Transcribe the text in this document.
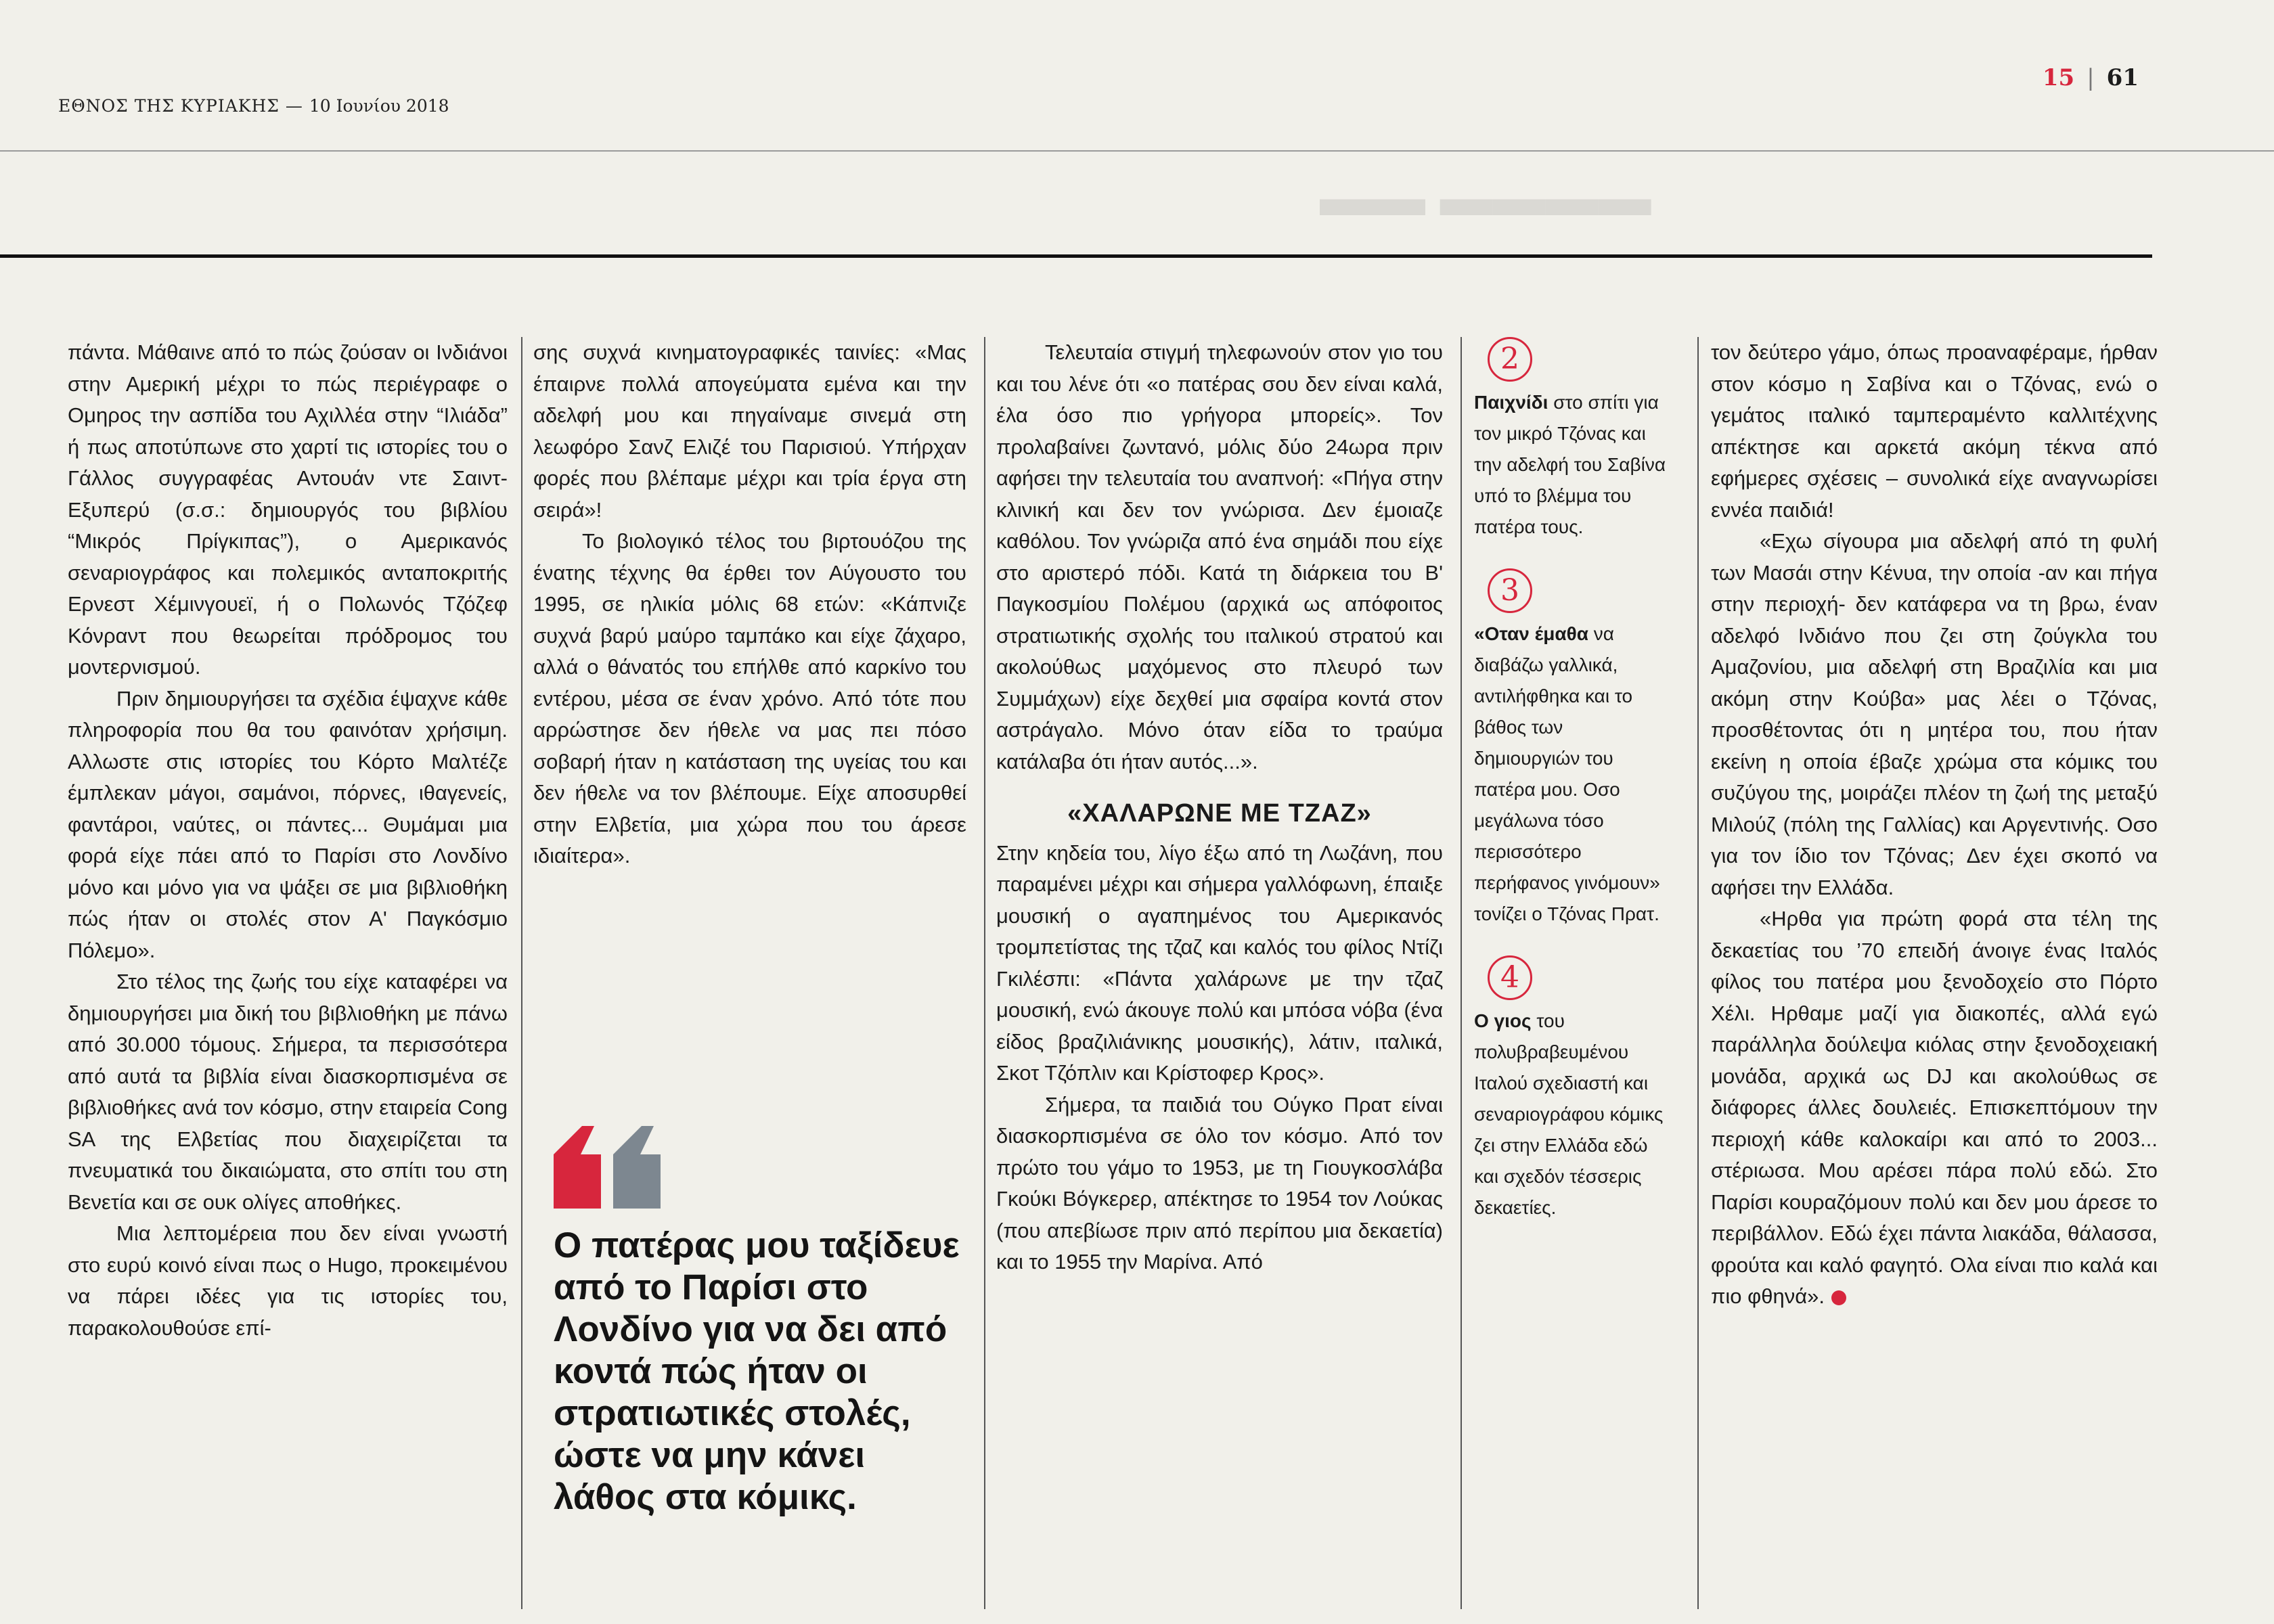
ΕΘΝΟΣ ΤΗΣ ΚΥΡΙΑΚΗΣ — 10 Ιουνίου 2018
15 | 61
▬▬ ▬▬▬▬

πάντα. Μάθαινε από το πώς ζούσαν οι Ινδιάνοι στην Αμερική μέχρι το πώς περιέγραφε ο Ομηρος την ασπίδα του Αχιλλέα στην “Ιλιάδα” ή πως αποτύπωνε στο χαρτί τις ιστορίες του ο Γάλλος συγγραφέας Αντουάν ντε Σαιντ-Εξυπερύ (σ.σ.: δημιουργός του βιβλίου “Μικρός Πρίγκιπας”), ο Αμερικανός σεναριογράφος και πολεμικός ανταποκριτής Ερνεστ Χέμινγουεϊ, ή ο Πολωνός Τζόζεφ Κόνραντ που θεωρείται πρόδρομος του μοντερνισμού.

Πριν δημιουργήσει τα σχέδια έψαχνε κάθε πληροφορία που θα του φαινόταν χρήσιμη. Αλλωστε στις ιστορίες του Κόρτο Μαλτέζε έμπλεκαν μάγοι, σαμάνοι, πόρνες, ιθαγενείς, φαντάροι, ναύτες, οι πάντες... Θυμάμαι μια φορά είχε πάει από το Παρίσι στο Λονδίνο μόνο και μόνο για να ψάξει σε μια βιβλιοθήκη πώς ήταν οι στολές στον Α' Παγκόσμιο Πόλεμο».

Στο τέλος της ζωής του είχε καταφέρει να δημιουργήσει μια δική του βιβλιοθήκη με πάνω από 30.000 τόμους. Σήμερα, τα περισσότερα από αυτά τα βιβλία είναι διασκορπισμένα σε βιβλιοθήκες ανά τον κόσμο, στην εταιρεία Cong SA της Ελβετίας που διαχειρίζεται τα πνευματικά του δικαιώματα, στο σπίτι του στη Βενετία και σε ουκ ολίγες αποθήκες.

Μια λεπτομέρεια που δεν είναι γνωστή στο ευρύ κοινό είναι πως ο Hugo, προκειμένου να πάρει ιδέες για τις ιστορίες του, παρακολουθούσε επί-

σης συχνά κινηματογραφικές ταινίες: «Μας έπαιρνε πολλά απογεύματα εμένα και την αδελφή μου και πηγαίναμε σινεμά στη λεωφόρο Σανζ Ελιζέ του Παρισιού. Υπήρχαν φορές που βλέπαμε μέχρι και τρία έργα στη σειρά»!

Το βιολογικό τέλος του βιρτουόζου της ένατης τέχνης θα έρθει τον Αύγουστο του 1995, σε ηλικία μόλις 68 ετών: «Κάπνιζε συχνά βαρύ μαύρο ταμπάκο και είχε ζάχαρο, αλλά ο θάνατός του επήλθε από καρκίνο του εντέρου, μέσα σε έναν χρόνο. Από τότε που αρρώστησε δεν ήθελε να μας πει πόσο σοβαρή ήταν η κατάσταση της υγείας του και δεν ήθελε να τον βλέπουμε. Είχε αποσυρθεί στην Ελβετία, μια χώρα που του άρεσε ιδιαίτερα».

Ο πατέρας μου ταξίδευε από το Παρίσι στο Λονδίνο για να δει από κοντά πώς ήταν οι στρατιωτικές στολές, ώστε να μην κάνει λάθος στα κόμικς.

Τελευταία στιγμή τηλεφωνούν στον γιο του και του λένε ότι «ο πατέρας σου δεν είναι καλά, έλα όσο πιο γρήγορα μπορείς». Τον προλαβαίνει ζωντανό, μόλις δύο 24ωρα πριν αφήσει την τελευταία του αναπνοή: «Πήγα στην κλινική και δεν τον γνώρισα. Δεν έμοιαζε καθόλου. Τον γνώριζα από ένα σημάδι που είχε στο αριστερό πόδι. Κατά τη διάρκεια του Β' Παγκοσμίου Πολέμου (αρχικά ως απόφοιτος στρατιωτικής σχολής του ιταλικού στρατού και ακολούθως μαχόμενος στο πλευρό των Συμμάχων) είχε δεχθεί μια σφαίρα κοντά στον αστράγαλο. Μόνο όταν είδα το τραύμα κατάλαβα ότι ήταν αυτός...».

«ΧΑΛΑΡΩΝΕ ΜΕ ΤΖΑΖ»

Στην κηδεία του, λίγο έξω από τη Λωζάνη, που παραμένει μέχρι και σήμερα γαλλόφωνη, έπαιξε μουσική ο αγαπημένος του Αμερικανός τρομπετίστας της τζαζ και καλός του φίλος Ντίζι Γκιλέσπι: «Πάντα χαλάρωνε με την τζαζ μουσική, ενώ άκουγε πολύ και μπόσα νόβα (ένα είδος βραζιλιάνικης μουσικής), λάτιν, ιταλικά, Σκοτ Τζόπλιν και Κρίστοφερ Κρος».

Σήμερα, τα παιδιά του Ούγκο Πρατ είναι διασκορπισμένα σε όλο τον κόσμο. Από τον πρώτο του γάμο το 1953, με τη Γιουγκοσλάβα Γκούκι Βόγκερερ, απέκτησε το 1954 τον Λούκας (που απεβίωσε πριν από περίπου μια δεκαετία) και το 1955 την Μαρίνα. Από

2
Παιχνίδι στο σπίτι για τον μικρό Τζόνας και την αδελφή του Σαβίνα υπό το βλέμμα του πατέρα τους.
3
«Οταν έμαθα να διαβάζω γαλλικά, αντιλήφθηκα και το βάθος των δημιουργιών του πατέρα μου. Οσο μεγάλωνα τόσο περισσότερο περήφανος γινόμουν» τονίζει ο Τζόνας Πρατ.
4
Ο γιος του πολυβραβευμένου Ιταλού σχεδιαστή και σεναριογράφου κόμικς ζει στην Ελλάδα εδώ και σχεδόν τέσσερις δεκαετίες.

τον δεύτερο γάμο, όπως προαναφέραμε, ήρθαν στον κόσμο η Σαβίνα και ο Τζόνας, ενώ ο γεμάτος ιταλικό ταμπεραμέντο καλλιτέχνης απέκτησε και αρκετά ακόμη τέκνα από εφήμερες σχέσεις – συνολικά είχε αναγνωρίσει εννέα παιδιά!

«Εχω σίγουρα μια αδελφή από τη φυλή των Μασάι στην Κένυα, την οποία -αν και πήγα στην περιοχή- δεν κατάφερα να τη βρω, έναν αδελφό Ινδιάνο που ζει στη ζούγκλα του Αμαζονίου, μια αδελφή στη Βραζιλία και μια ακόμη στην Κούβα» μας λέει ο Τζόνας, προσθέτοντας ότι η μητέρα του, που ήταν εκείνη η οποία έβαζε χρώμα στα κόμικς του συζύγου της, μοιράζει πλέον τη ζωή της μεταξύ Μιλούζ (πόλη της Γαλλίας) και Αργεντινής. Οσο για τον ίδιο τον Τζόνας; Δεν έχει σκοπό να αφήσει την Ελλάδα.

«Ηρθα για πρώτη φορά στα τέλη της δεκαετίας του ’70 επειδή άνοιγε ένας Ιταλός φίλος του πατέρα μου ξενοδοχείο στο Πόρτο Χέλι. Ηρθαμε μαζί για διακοπές, αλλά εγώ παράλληλα δούλεψα κιόλας στην ξενοδοχειακή μονάδα, αρχικά ως DJ και ακολούθως σε διάφορες άλλες δουλειές. Επισκεπτόμουν την περιοχή κάθε καλοκαίρι και από το 2003... στέριωσα. Μου αρέσει πάρα πολύ εδώ. Στο Παρίσι κουραζόμουν πολύ και δεν μου άρεσε το περιβάλλον. Εδώ έχει πάντα λιακάδα, θάλασσα, φρούτα και καλό φαγητό. Ολα είναι πιο καλά και πιο φθηνά».
